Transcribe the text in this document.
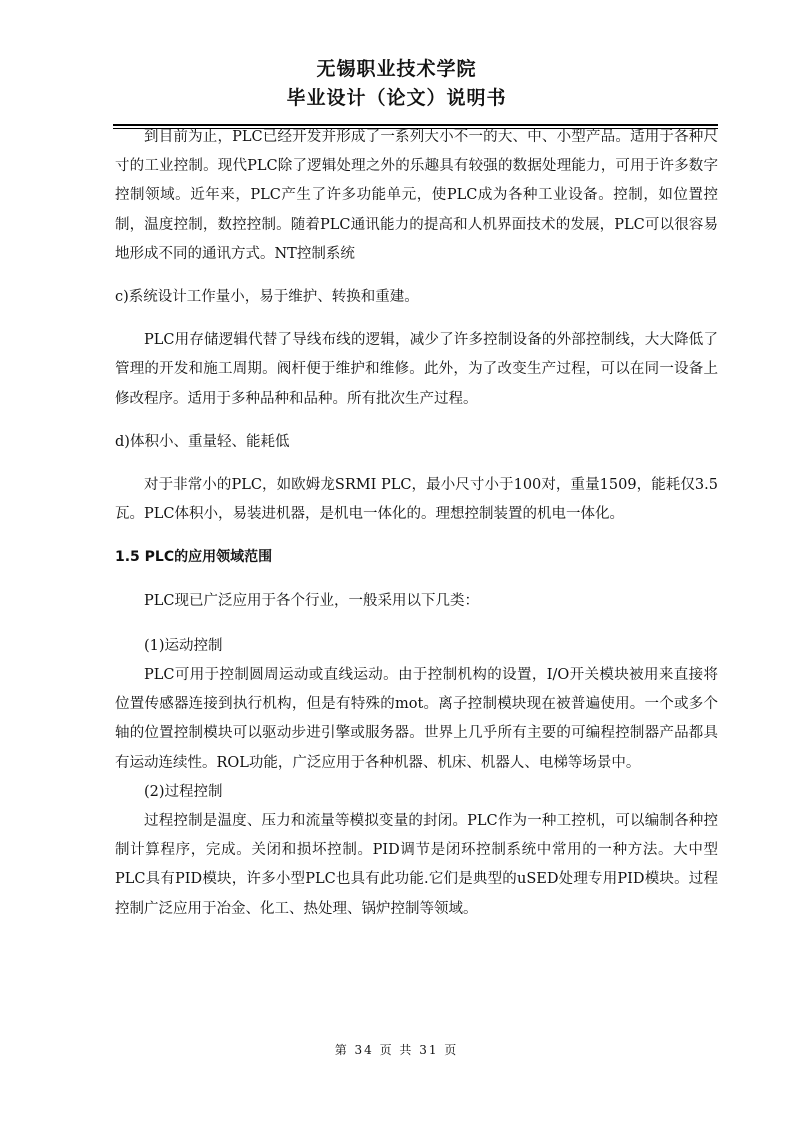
无锡职业技术学院
毕业设计（论文）说明书

到目前为止，PLC已经开发并形成了一系列大小不一的大、中、小型产品。适用于各种尺寸的工业控制。现代PLC除了逻辑处理之外的乐趣具有较强的数据处理能力，可用于许多数字控制领域。近年来，PLC产生了许多功能单元，使PLC成为各种工业设备。控制，如位置控制，温度控制，数控控制。随着PLC通讯能力的提高和人机界面技术的发展，PLC可以很容易地形成不同的通讯方式。NT控制系统

c)系统设计工作量小，易于维护、转换和重建。

PLC用存储逻辑代替了导线布线的逻辑，减少了许多控制设备的外部控制线，大大降低了管理的开发和施工周期。阀杆便于维护和维修。此外，为了改变生产过程，可以在同一设备上修改程序。适用于多种品种和品种。所有批次生产过程。

d)体积小、重量轻、能耗低

对于非常小的PLC，如欧姆龙SRMI PLC，最小尺寸小于100对，重量1509，能耗仅3.5瓦。PLC体积小，易装进机器，是机电一体化的。理想控制装置的机电一体化。

1.5 PLC的应用领域范围

PLC现已广泛应用于各个行业，一般采用以下几类：

(1)运动控制

PLC可用于控制圆周运动或直线运动。由于控制机构的设置，I/O开关模块被用来直接将位置传感器连接到执行机构，但是有特殊的mot。离子控制模块现在被普遍使用。一个或多个轴的位置控制模块可以驱动步进引擎或服务器。世界上几乎所有主要的可编程控制器产品都具有运动连续性。ROL功能，广泛应用于各种机器、机床、机器人、电梯等场景中。

(2)过程控制

过程控制是温度、压力和流量等模拟变量的封闭。PLC作为一种工控机，可以编制各种控制计算程序，完成。关闭和损坏控制。PID调节是闭环控制系统中常用的一种方法。大中型PLC具有PID模块，许多小型PLC也具有此功能.它们是典型的uSED处理专用PID模块。过程控制广泛应用于冶金、化工、热处理、锅炉控制等领域。

第 34 页 共 31 页
